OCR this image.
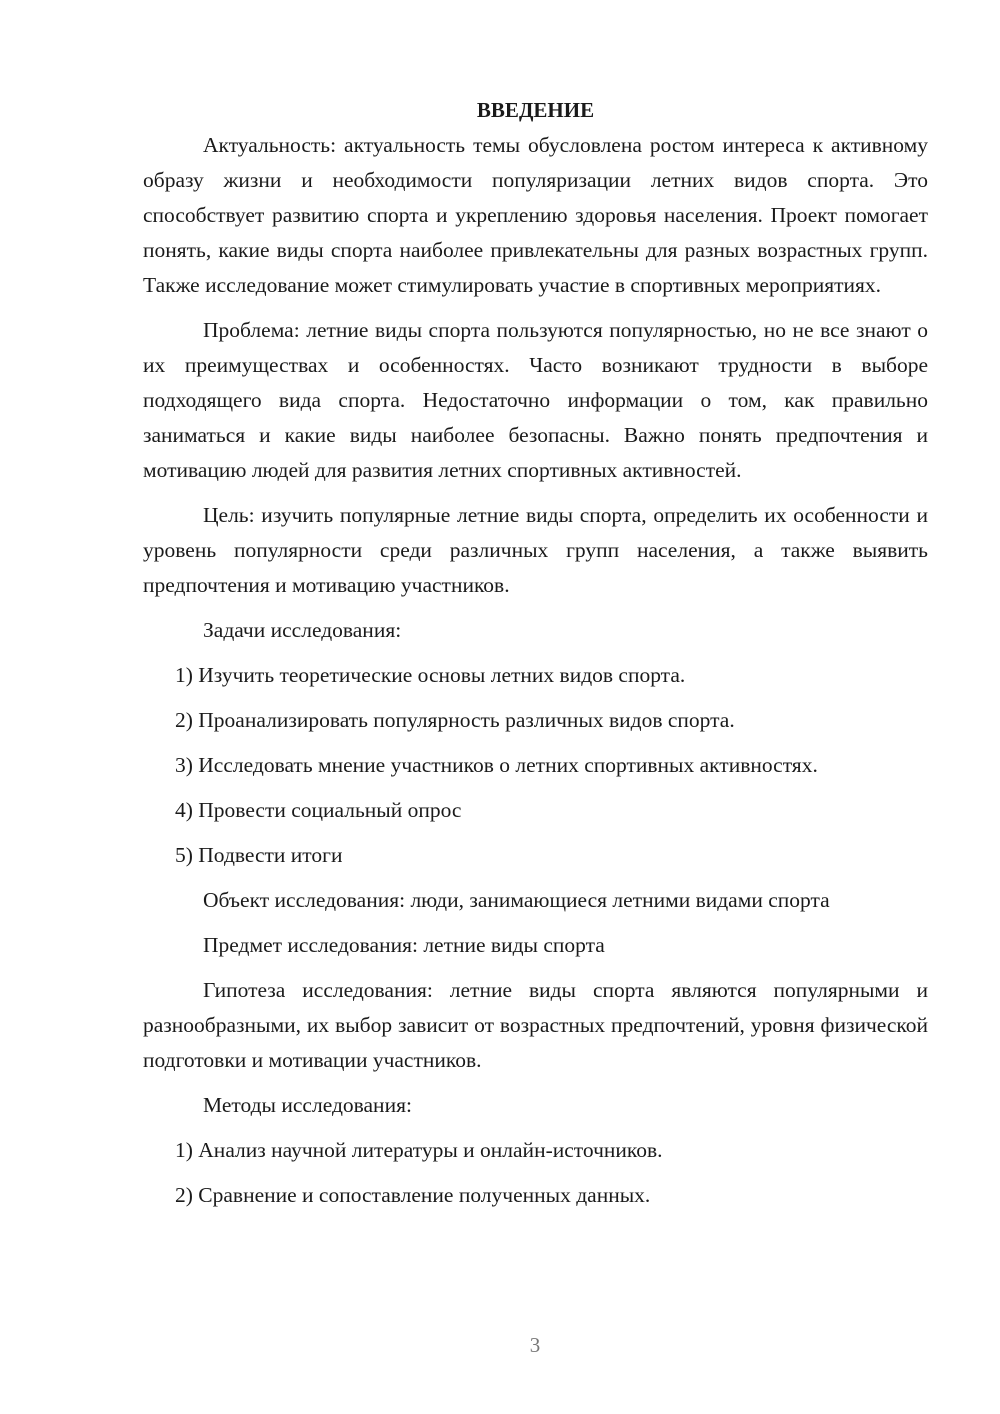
ВВЕДЕНИЕ

Актуальность: актуальность темы обусловлена ростом интереса к активному образу жизни и необходимости популяризации летних видов спорта. Это способствует развитию спорта и укреплению здоровья населения. Проект помогает понять, какие виды спорта наиболее привлекательны для разных возрастных групп. Также исследование может стимулировать участие в спортивных мероприятиях.

Проблема: летние виды спорта пользуются популярностью, но не все знают о их преимуществах и особенностях. Часто возникают трудности в выборе подходящего вида спорта. Недостаточно информации о том, как правильно заниматься и какие виды наиболее безопасны. Важно понять предпочтения и мотивацию людей для развития летних спортивных активностей.

Цель: изучить популярные летние виды спорта, определить их особенности и уровень популярности среди различных групп населения, а также выявить предпочтения и мотивацию участников.

Задачи исследования:

1) Изучить теоретические основы летних видов спорта.

2) Проанализировать популярность различных видов спорта.

3) Исследовать мнение участников о летних спортивных активностях.

4) Провести социальный опрос

5) Подвести итоги

Объект исследования: люди, занимающиеся летними видами спорта

Предмет исследования: летние виды спорта

Гипотеза исследования: летние виды спорта являются популярными и разнообразными, их выбор зависит от возрастных предпочтений, уровня физической подготовки и мотивации участников.

Методы исследования:

1) Анализ научной литературы и онлайн-источников.

2) Сравнение и сопоставление полученных данных.

3
